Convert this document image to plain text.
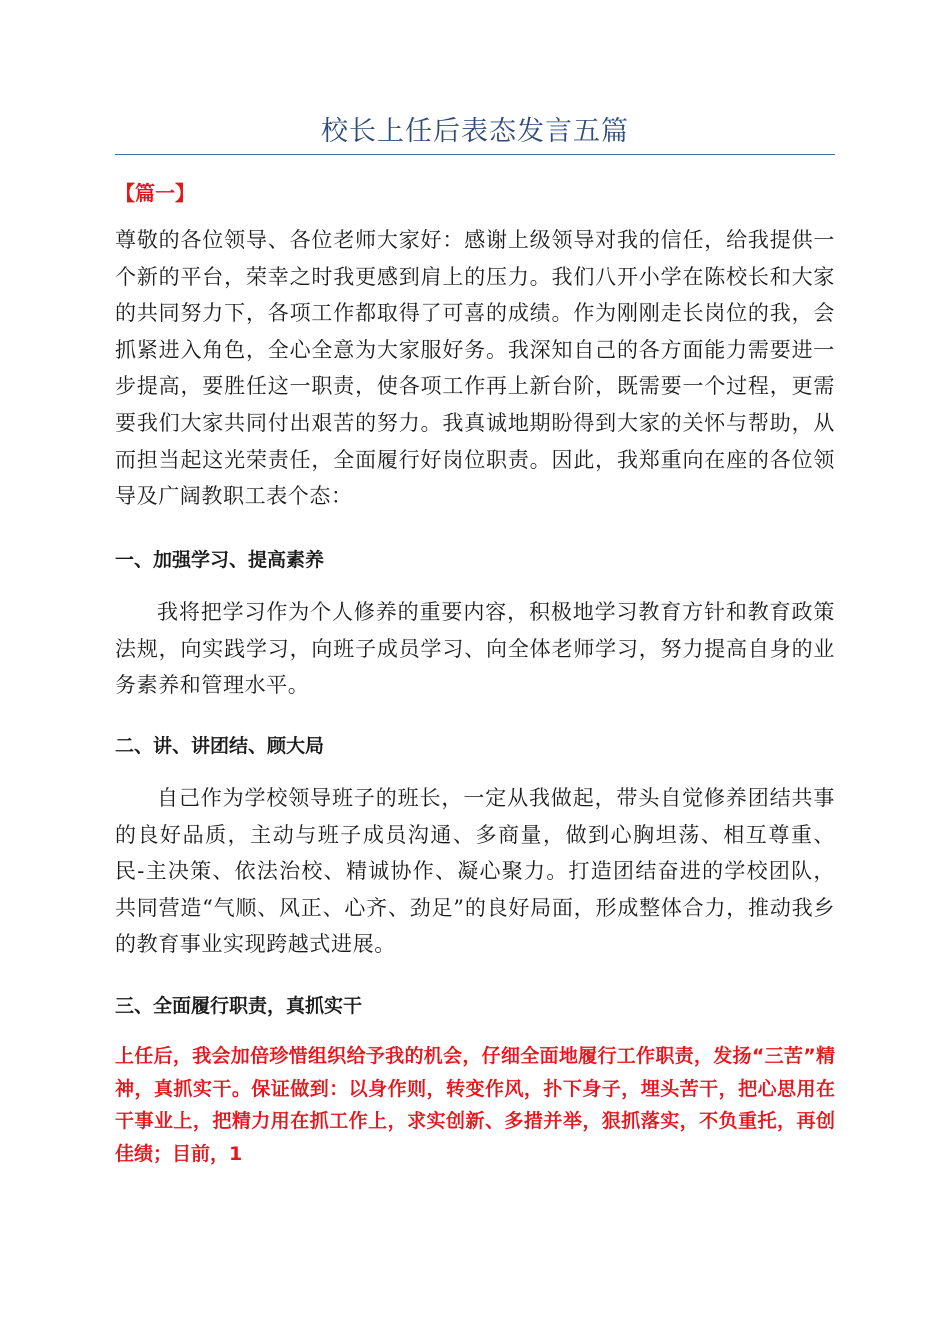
校长上任后表态发言五篇
【篇一】

尊敬的各位领导、各位老师大家好：感谢上级领导对我的信任，给我提供一个新的平台，荣幸之时我更感到肩上的压力。我们八开小学在陈校长和大家的共同努力下，各项工作都取得了可喜的成绩。作为刚刚走长岗位的我，会抓紧进入角色，全心全意为大家服好务。我深知自己的各方面能力需要进一步提高，要胜任这一职责，使各项工作再上新台阶，既需要一个过程，更需要我们大家共同付出艰苦的努力。我真诚地期盼得到大家的关怀与帮助，从而担当起这光荣责任，全面履行好岗位职责。因此，我郑重向在座的各位领导及广阔教职工表个态：

一、加强学习、提高素养

我将把学习作为个人修养的重要内容，积极地学习教育方针和教育政策法规，向实践学习，向班子成员学习、向全体老师学习，努力提高自身的业务素养和管理水平。

二、讲、讲团结、顾大局

自己作为学校领导班子的班长，一定从我做起，带头自觉修养团结共事的良好品质，主动与班子成员沟通、多商量，做到心胸坦荡、相互尊重、民-主决策、依法治校、精诚协作、凝心聚力。打造团结奋进的学校团队，共同营造“气顺、风正、心齐、劲足”的良好局面，形成整体合力，推动我乡的教育事业实现跨越式进展。

三、全面履行职责，真抓实干

上任后，我会加倍珍惜组织给予我的机会，仔细全面地履行工作职责，发扬“三苦”精神，真抓实干。保证做到：以身作则，转变作风，扑下身子，埋头苦干，把心思用在干事业上，把精力用在抓工作上，求实创新、多措并举，狠抓落实，不负重托，再创佳绩；目前，1
